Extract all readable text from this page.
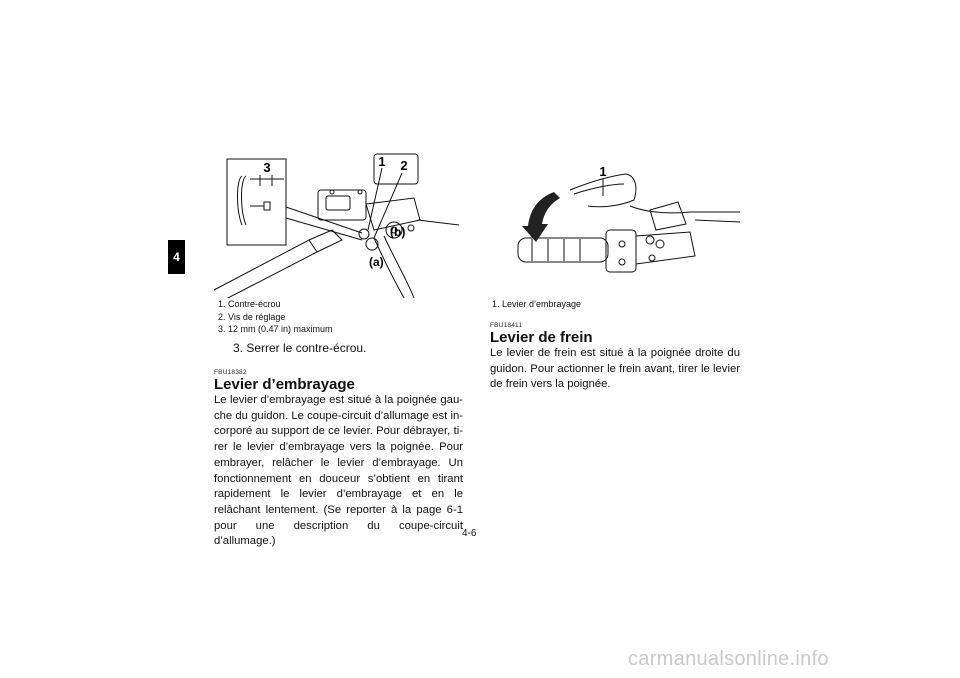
4
1 2
3
(a)
(b)
1. Contre-écrou
2. Vis de réglage
3. 12 mm (0.47 in) maximum
3. Serrer le contre-écrou.
FBU18382
Levier d’embrayage
Le levier d’embrayage est situé à la poignée gauche du guidon. Le coupe-circuit d’allumage est incorporé au support de ce levier. Pour débrayer, tirer le levier d’embrayage vers la poignée. Pour embrayer, relâcher le levier d’embrayage. Un fonctionnement en douceur s’obtient en tirant rapidement le levier d’embrayage et en le relâchant lentement. (Se reporter à la page 6-1 pour une description du coupe-circuit d’allumage.)
1
1. Levier d’embrayage
FBU18411
Levier de frein
Le levier de frein est situé à la poignée droite du guidon. Pour actionner le frein avant, tirer le levier de frein vers la poignée.
4-6
carmanualsonline.info
